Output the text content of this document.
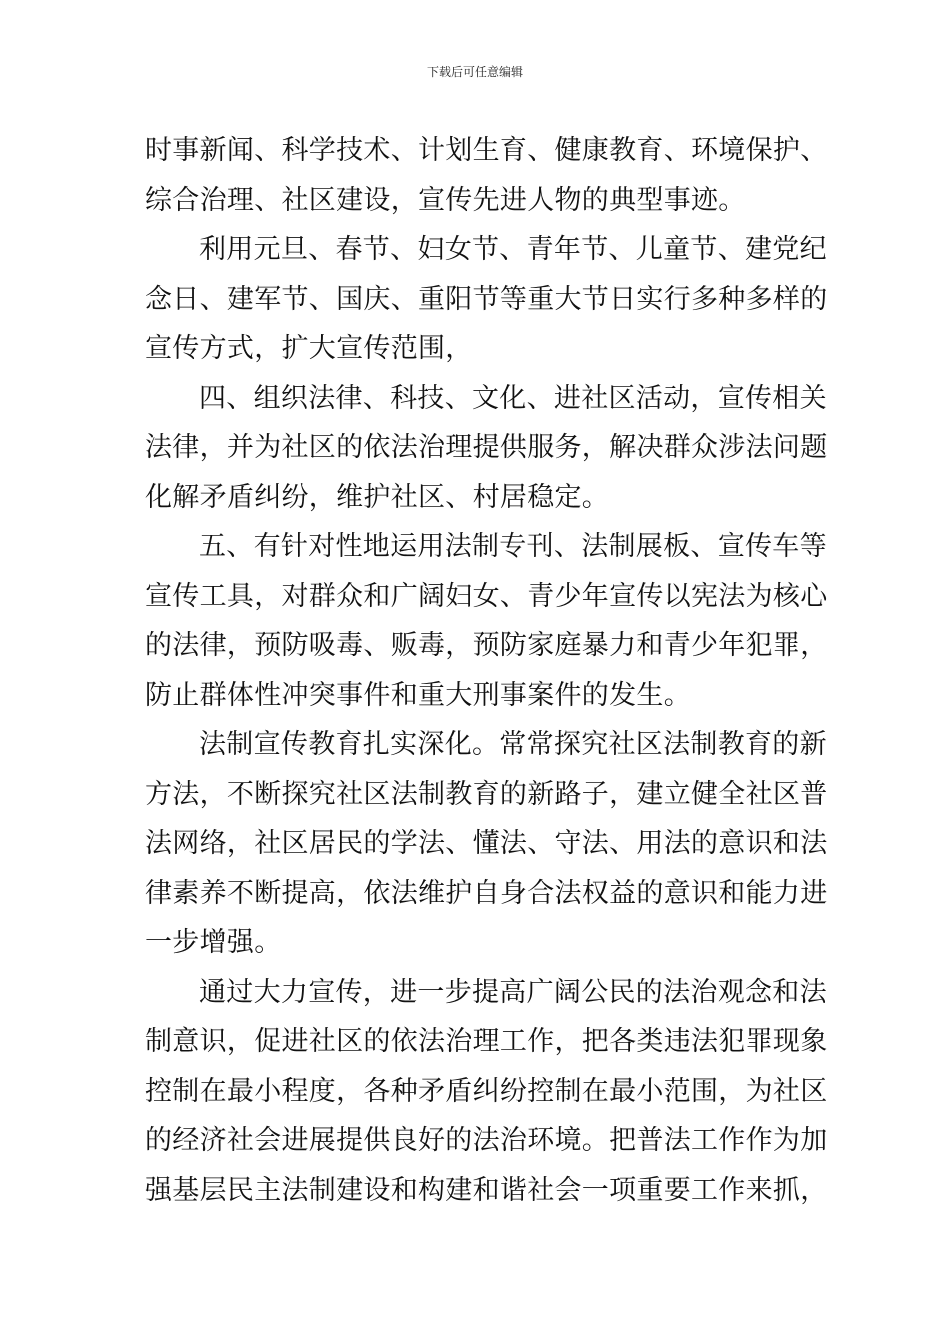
下载后可任意编辑

时事新闻、科学技术、计划生育、健康教育、环境保护、
综合治理、社区建设，宣传先进人物的典型事迹。

利用元旦、春节、妇女节、青年节、儿童节、建党纪
念日、建军节、国庆、重阳节等重大节日实行多种多样的
宣传方式，扩大宣传范围，

四、组织法律、科技、文化、进社区活动，宣传相关
法律，并为社区的依法治理提供服务，解决群众涉法问题
化解矛盾纠纷，维护社区、村居稳定。

五、有针对性地运用法制专刊、法制展板、宣传车等
宣传工具，对群众和广阔妇女、青少年宣传以宪法为核心
的法律，预防吸毒、贩毒，预防家庭暴力和青少年犯罪，
防止群体性冲突事件和重大刑事案件的发生。

法制宣传教育扎实深化。常常探究社区法制教育的新
方法，不断探究社区法制教育的新路子，建立健全社区普
法网络，社区居民的学法、懂法、守法、用法的意识和法
律素养不断提高，依法维护自身合法权益的意识和能力进
一步增强。

通过大力宣传，进一步提高广阔公民的法治观念和法
制意识，促进社区的依法治理工作，把各类违法犯罪现象
控制在最小程度，各种矛盾纠纷控制在最小范围，为社区
的经济社会进展提供良好的法治环境。把普法工作作为加
强基层民主法制建设和构建和谐社会一项重要工作来抓，
